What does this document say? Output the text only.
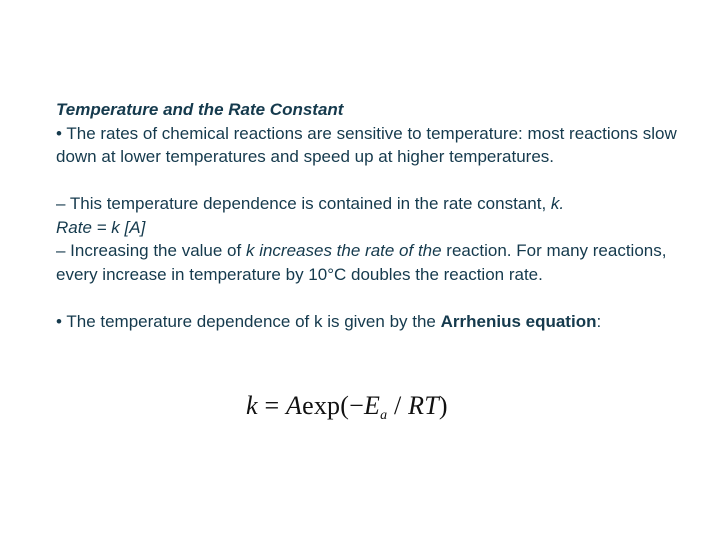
Temperature and the Rate Constant

• The rates of chemical reactions are sensitive to temperature: most reactions slow down at lower temperatures and speed up at higher temperatures.

– This temperature dependence is contained in the rate constant, k.

Rate = k [A]

– Increasing the value of k increases the rate of the reaction. For many reactions, every increase in temperature by 10°C doubles the reaction rate.

• The temperature dependence of k is given by the Arrhenius equation:

$k = Aexp(-E_a / RT)$
